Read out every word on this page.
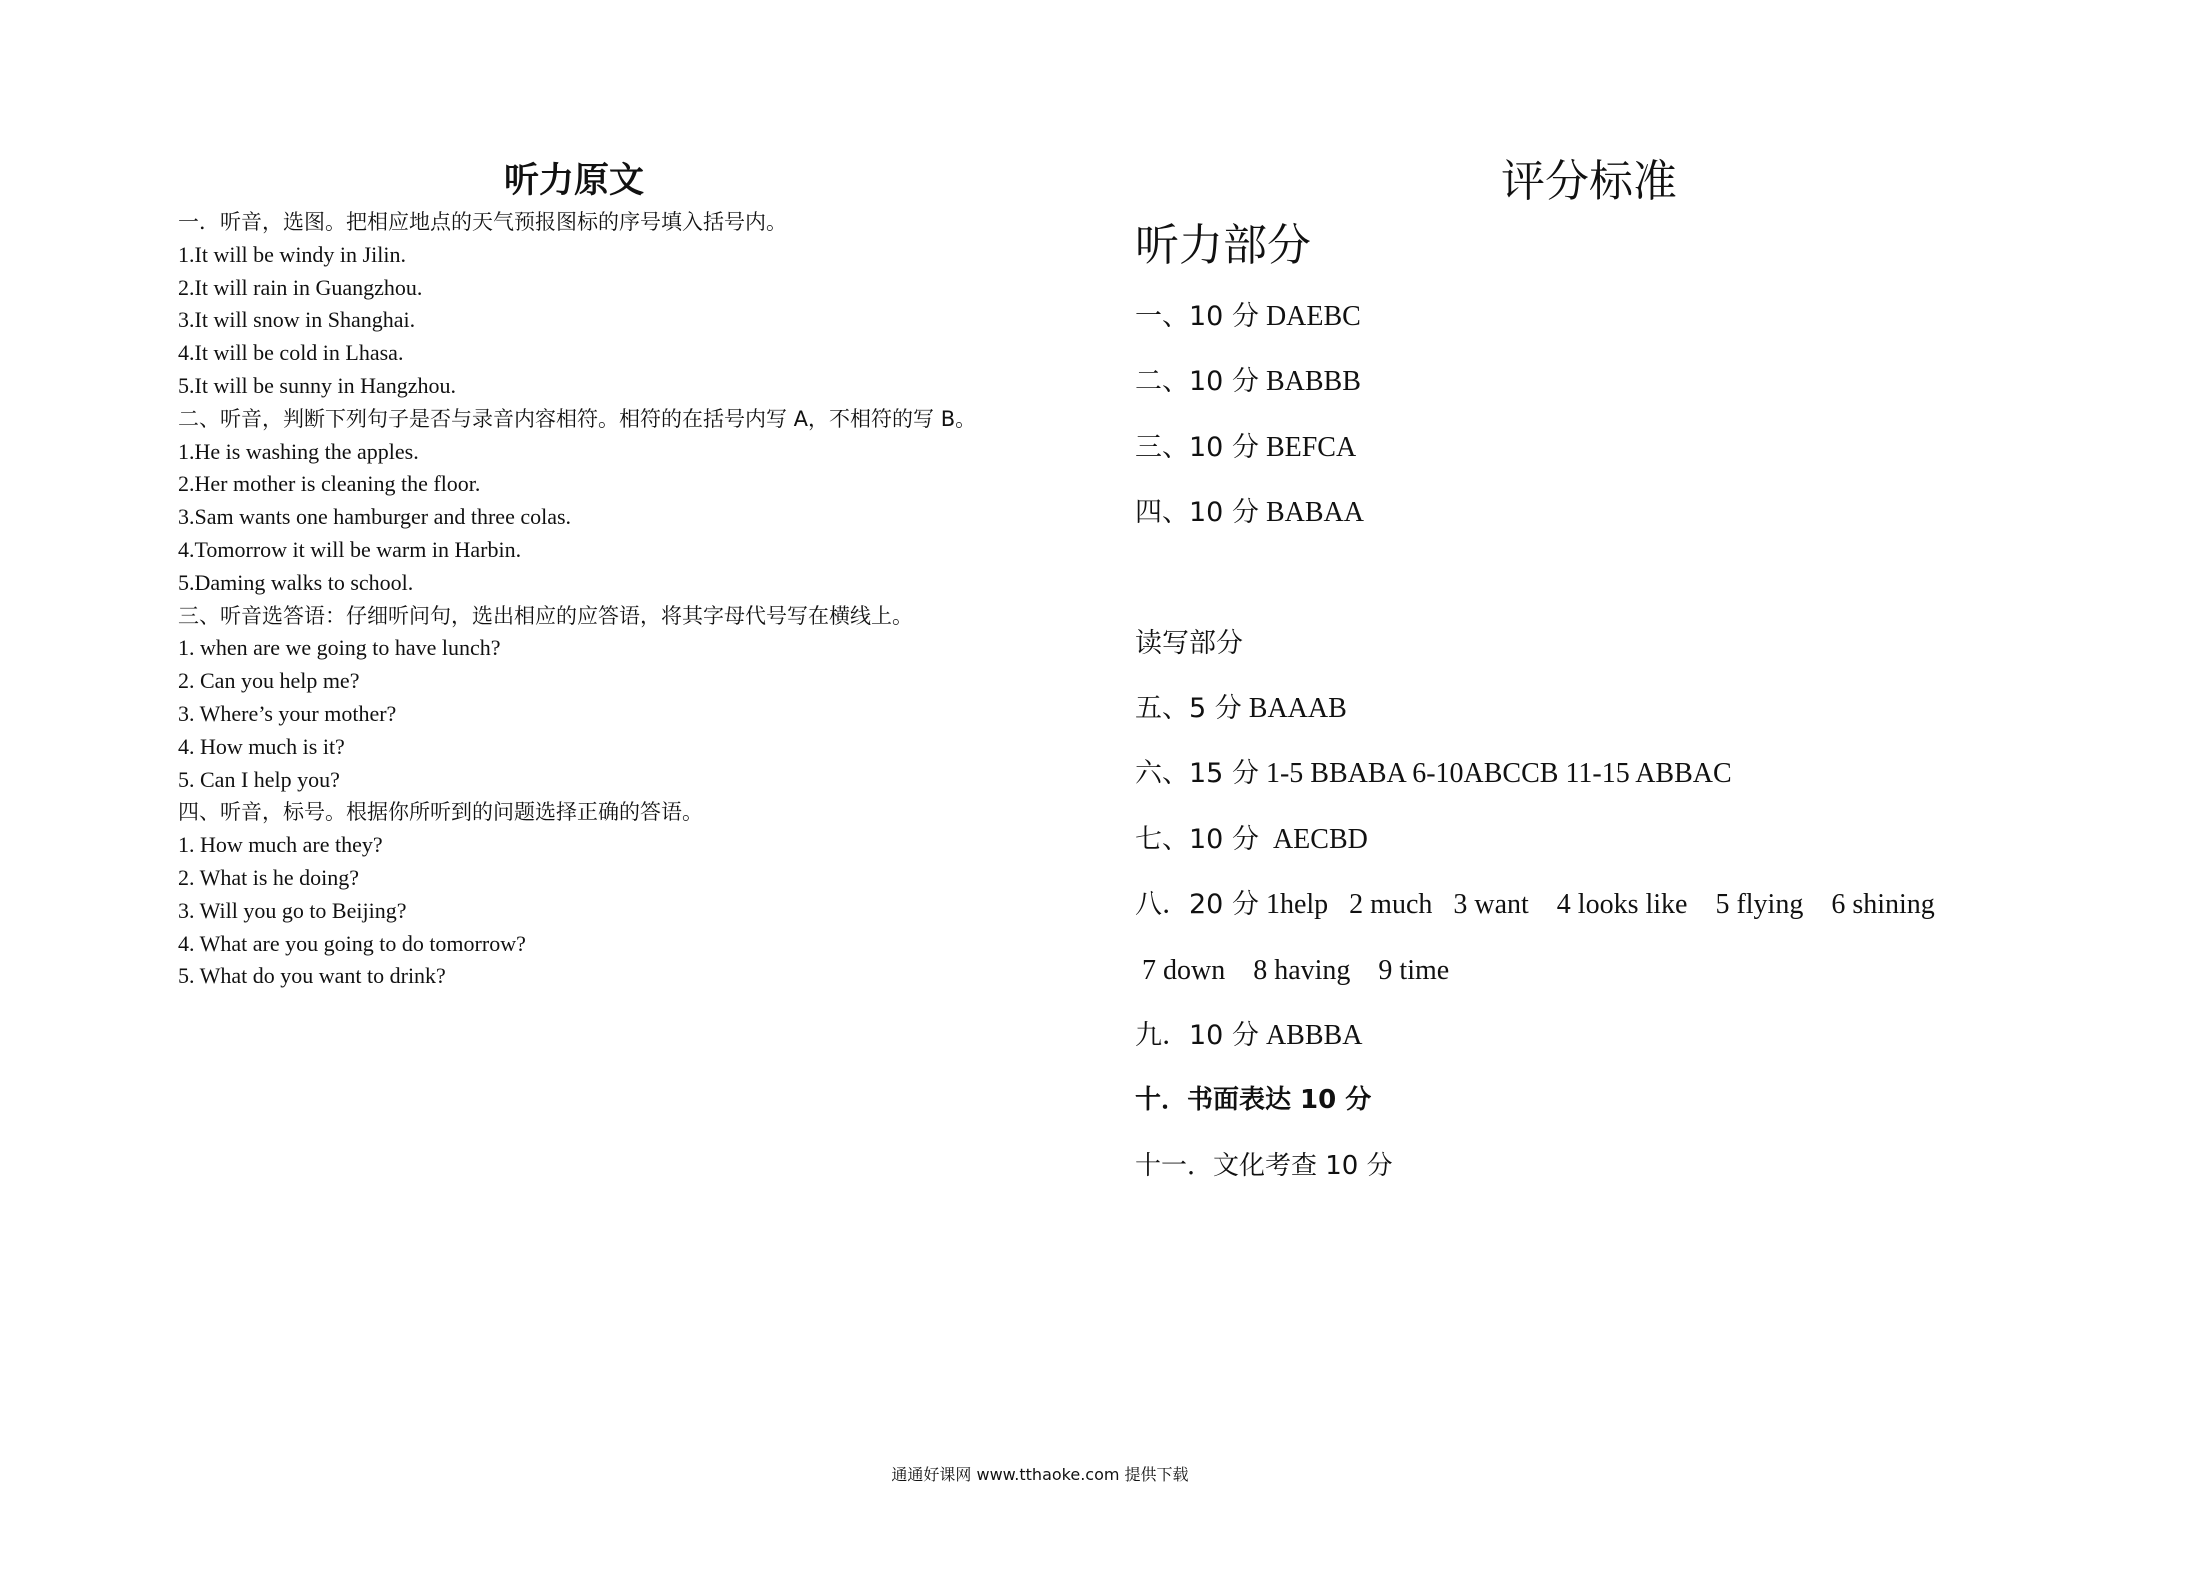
听力原文
一．听音，选图。把相应地点的天气预报图标的序号填入括号内。
1.It will be windy in Jilin.
2.It will rain in Guangzhou.
3.It will snow in Shanghai.
4.It will be cold in Lhasa.
5.It will be sunny in Hangzhou.
二、听音，判断下列句子是否与录音内容相符。相符的在括号内写 A，不相符的写 B。
1.He is washing the apples.
2.Her mother is cleaning the floor.
3.Sam wants one hamburger and three colas.
4.Tomorrow it will be warm in Harbin.
5.Daming walks to school.
三、听音选答语：仔细听问句，选出相应的应答语，将其字母代号写在横线上。
1. when are we going to have lunch?
2. Can you help me?
3. Where’s your mother?
4. How much is it?
5. Can I help you?
四、听音，标号。根据你所听到的问题选择正确的答语。
1. How much are they?
2. What is he doing?
3. Will you go to Beijing?
4. What are you going to do tomorrow?
5. What do you want to drink?
评分标准
听力部分
一、10 分 DAEBC
二、10 分 BABBB
三、10 分 BEFCA
四、10 分 BABAA
读写部分
五、5 分 BAAAB
六、15 分 1-5 BBABA 6-10ABCCB 11-15 ABBAC
七、10 分  AECBD
八．20 分 1help   2 much   3 want    4 looks like    5 flying    6 shining
7 down    8 having    9 time
九．10 分 ABBBA
十．书面表达 10 分
十一．文化考查 10 分
通通好课网 www.tthaoke.com 提供下载
